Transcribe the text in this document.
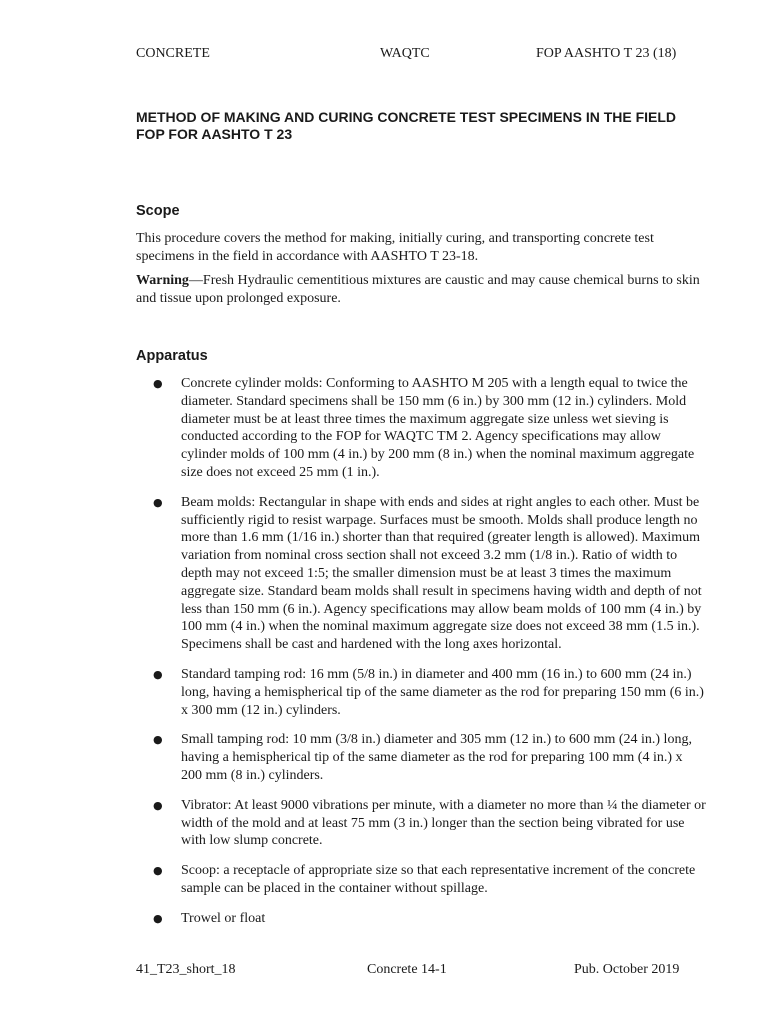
CONCRETE	WAQTC	FOP AASHTO T 23 (18)
METHOD OF MAKING AND CURING CONCRETE TEST SPECIMENS IN THE FIELD
FOP FOR AASHTO T 23
Scope

This procedure covers the method for making, initially curing, and transporting concrete test specimens in the field in accordance with AASHTO T 23-18.

Warning—Fresh Hydraulic cementitious mixtures are caustic and may cause chemical burns to skin and tissue upon prolonged exposure.

Apparatus
● Concrete cylinder molds: Conforming to AASHTO M 205 with a length equal to twice the diameter. Standard specimens shall be 150 mm (6 in.) by 300 mm (12 in.) cylinders. Mold diameter must be at least three times the maximum aggregate size unless wet sieving is conducted according to the FOP for WAQTC TM 2. Agency specifications may allow cylinder molds of 100 mm (4 in.) by 200 mm (8 in.) when the nominal maximum aggregate size does not exceed 25 mm (1 in.).
● Beam molds: Rectangular in shape with ends and sides at right angles to each other. Must be sufficiently rigid to resist warpage. Surfaces must be smooth. Molds shall produce length no more than 1.6 mm (1/16 in.) shorter than that required (greater length is allowed). Maximum variation from nominal cross section shall not exceed 3.2 mm (1/8 in.). Ratio of width to depth may not exceed 1:5; the smaller dimension must be at least 3 times the maximum aggregate size. Standard beam molds shall result in specimens having width and depth of not less than 150 mm (6 in.). Agency specifications may allow beam molds of 100 mm (4 in.) by 100 mm (4 in.) when the nominal maximum aggregate size does not exceed 38 mm (1.5 in.). Specimens shall be cast and hardened with the long axes horizontal.
● Standard tamping rod: 16 mm (5/8 in.) in diameter and 400 mm (16 in.) to 600 mm (24 in.) long, having a hemispherical tip of the same diameter as the rod for preparing 150 mm (6 in.) x 300 mm (12 in.) cylinders.
● Small tamping rod: 10 mm (3/8 in.) diameter and 305 mm (12 in.) to 600 mm (24 in.) long, having a hemispherical tip of the same diameter as the rod for preparing 100 mm (4 in.) x 200 mm (8 in.) cylinders.
● Vibrator: At least 9000 vibrations per minute, with a diameter no more than ¼ the diameter or width of the mold and at least 75 mm (3 in.) longer than the section being vibrated for use with low slump concrete.
● Scoop: a receptacle of appropriate size so that each representative increment of the concrete sample can be placed in the container without spillage.
● Trowel or float
41_T23_short_18	Concrete 14-1	Pub. October 2019
